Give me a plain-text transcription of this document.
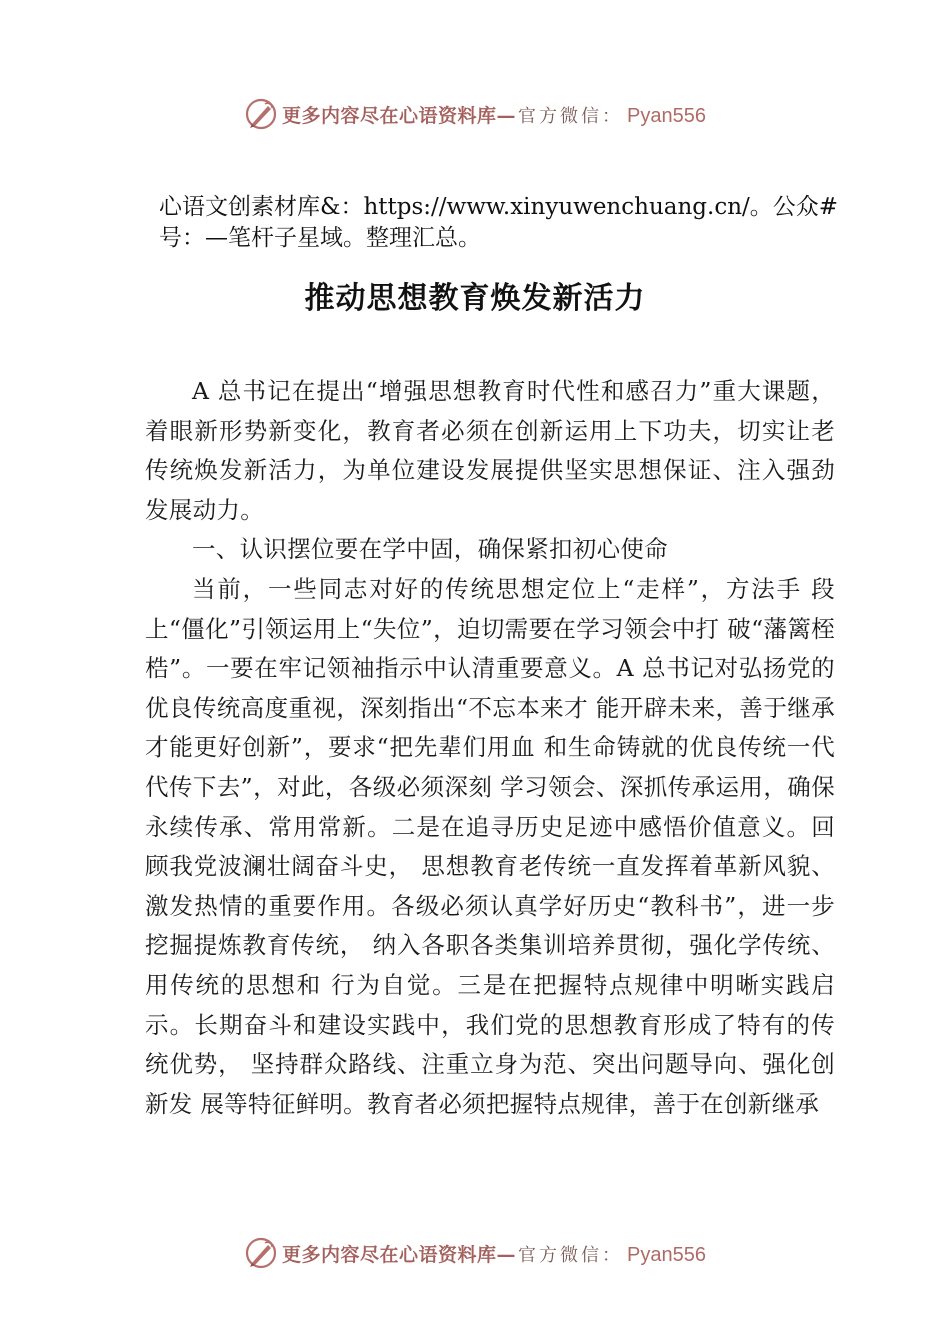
更多内容尽在心语资料库— 官方微信： Pyan556
心语文创素材库&：https://www.xinyuwenchuang.cn/。公众#号：—笔杆子星域。整理汇总。
推动思想教育焕发新活力

A 总书记在提出“增强思想教育时代性和感召力”重大课题，着眼新形势新变化，教育者必须在创新运用上下功夫，切实让老传统焕发新活力，为单位建设发展提供坚实思想保证、注入强劲发展动力。

一、认识摆位要在学中固，确保紧扣初心使命

当前，一些同志对好的传统思想定位上“走样”，方法手 段上“僵化”引领运用上“失位”，迫切需要在学习领会中打 破“藩篱桎梏”。一要在牢记领袖指示中认清重要意义。A 总书记对弘扬党的优良传统高度重视，深刻指出“不忘本来才 能开辟未来，善于继承才能更好创新”，要求“把先辈们用血 和生命铸就的优良传统一代代传下去”，对此，各级必须深刻 学习领会、深抓传承运用，确保永续传承、常用常新。二是在追寻历史足迹中感悟价值意义。回顾我党波澜壮阔奋斗史， 思想教育老传统一直发挥着革新风貌、激发热情的重要作用。各级必须认真学好历史“教科书”，进一步挖掘提炼教育传统， 纳入各职各类集训培养贯彻，强化学传统、用传统的思想和 行为自觉。三是在把握特点规律中明晰实践启示。长期奋斗和建设实践中，我们党的思想教育形成了特有的传统优势， 坚持群众路线、注重立身为范、突出问题导向、强化创新发 展等特征鲜明。教育者必须把握特点规律，善于在创新继承

更多内容尽在心语资料库— 官方微信： Pyan556
